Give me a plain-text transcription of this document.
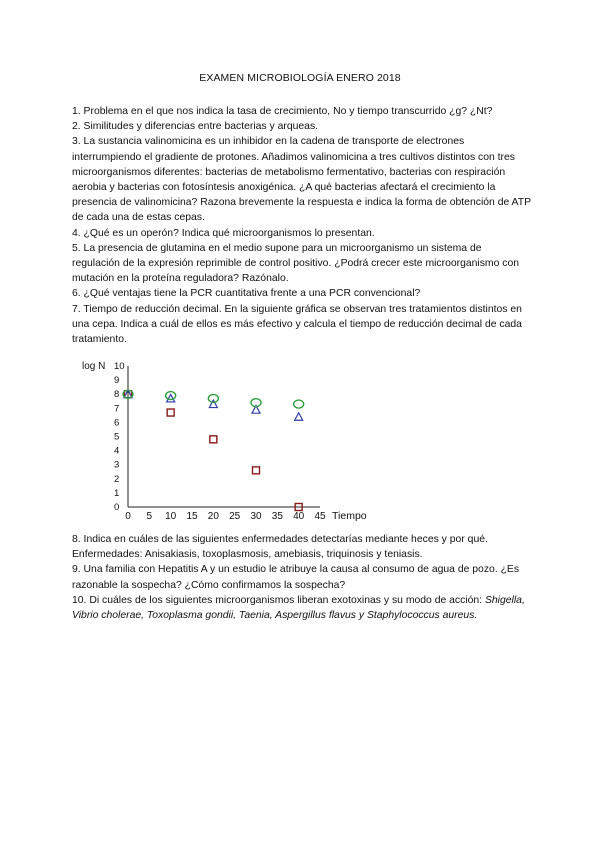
EXAMEN MICROBIOLOGÍA ENERO 2018

1. Problema en el que nos indica la tasa de crecimiento, No y tiempo transcurrido ¿g? ¿Nt?

2. Similitudes y diferencias entre bacterias y arqueas.

3. La sustancia valinomicina es un inhibidor en la cadena de transporte de electrones interrumpiendo el gradiente de protones. Añadimos valinomicina a tres cultivos distintos con tres microorganismos diferentes: bacterias de metabolismo fermentativo, bacterias con respiración aerobia y bacterias con fotosíntesis anoxigénica. ¿A qué bacterias afectará el crecimiento la presencia de valinomicina? Razona brevemente la respuesta e indica la forma de obtención de ATP de cada una de estas cepas.

4. ¿Qué es un operón? Indica qué microorganismos lo presentan.

5. La presencia de glutamina en el medio supone para un microorganismo un sistema de regulación de la expresión reprimible de control positivo. ¿Podrá crecer este microorganismo con mutación en la proteína reguladora? Razónalo.

6. ¿Qué ventajas tiene la PCR cuantitativa frente a una PCR convencional?

7. Tiempo de reducción decimal. En la siguiente gráfica se observan tres tratamientos distintos en una cepa. Indica a cuál de ellos es más efectivo y calcula el tiempo de reducción decimal de cada tratamiento.

log N
Tiempo
0
1
2
3
4
5
6
7
8
9
10
0 5 10 15 20 25 30 35 40 45

8. Indica en cuáles de las siguientes enfermedades detectarías mediante heces y por qué. Enfermedades: Anisakiasis, toxoplasmosis, amebiasis, triquinosis y teniasis.

9. Una familia con Hepatitis A y un estudio le atribuye la causa al consumo de agua de pozo. ¿Es razonable la sospecha? ¿Cómo confirmamos la sospecha?

10. Di cuáles de los siguientes microorganismos liberan exotoxinas y su modo de acción: Shigella, Vibrio cholerae, Toxoplasma gondii, Taenia, Aspergillus flavus y Staphylococcus aureus.
